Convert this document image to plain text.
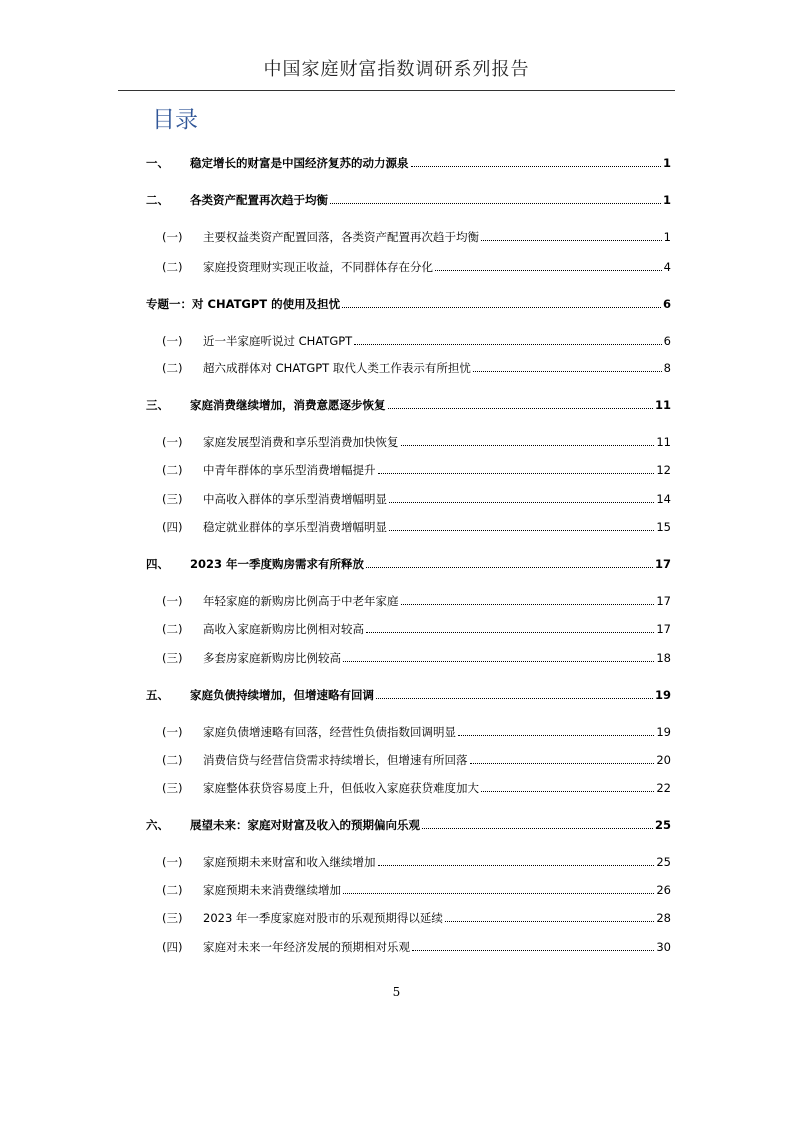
中国家庭财富指数调研系列报告
目录
一、	稳定增长的财富是中国经济复苏的动力源泉	1
二、	各类资产配置再次趋于均衡	1
(一)	主要权益类资产配置回落，各类资产配置再次趋于均衡	1
(二)	家庭投资理财实现正收益，不同群体存在分化	4
专题一：对 CHATGPT 的使用及担忧	6
(一)	近一半家庭听说过 CHATGPT	6
(二)	超六成群体对 CHATGPT 取代人类工作表示有所担忧	8
三、	家庭消费继续增加，消费意愿逐步恢复	11
(一)	家庭发展型消费和享乐型消费加快恢复	11
(二)	中青年群体的享乐型消费增幅提升	12
(三)	中高收入群体的享乐型消费增幅明显	14
(四)	稳定就业群体的享乐型消费增幅明显	15
四、	2023 年一季度购房需求有所释放	17
(一)	年轻家庭的新购房比例高于中老年家庭	17
(二)	高收入家庭新购房比例相对较高	17
(三)	多套房家庭新购房比例较高	18
五、	家庭负债持续增加，但增速略有回调	19
(一)	家庭负债增速略有回落，经营性负债指数回调明显	19
(二)	消费信贷与经营信贷需求持续增长，但增速有所回落	20
(三)	家庭整体获贷容易度上升，但低收入家庭获贷难度加大	22
六、	展望未来：家庭对财富及收入的预期偏向乐观	25
(一)	家庭预期未来财富和收入继续增加	25
(二)	家庭预期未来消费继续增加	26
(三)	2023 年一季度家庭对股市的乐观预期得以延续	28
(四)	家庭对未来一年经济发展的预期相对乐观	30
5
